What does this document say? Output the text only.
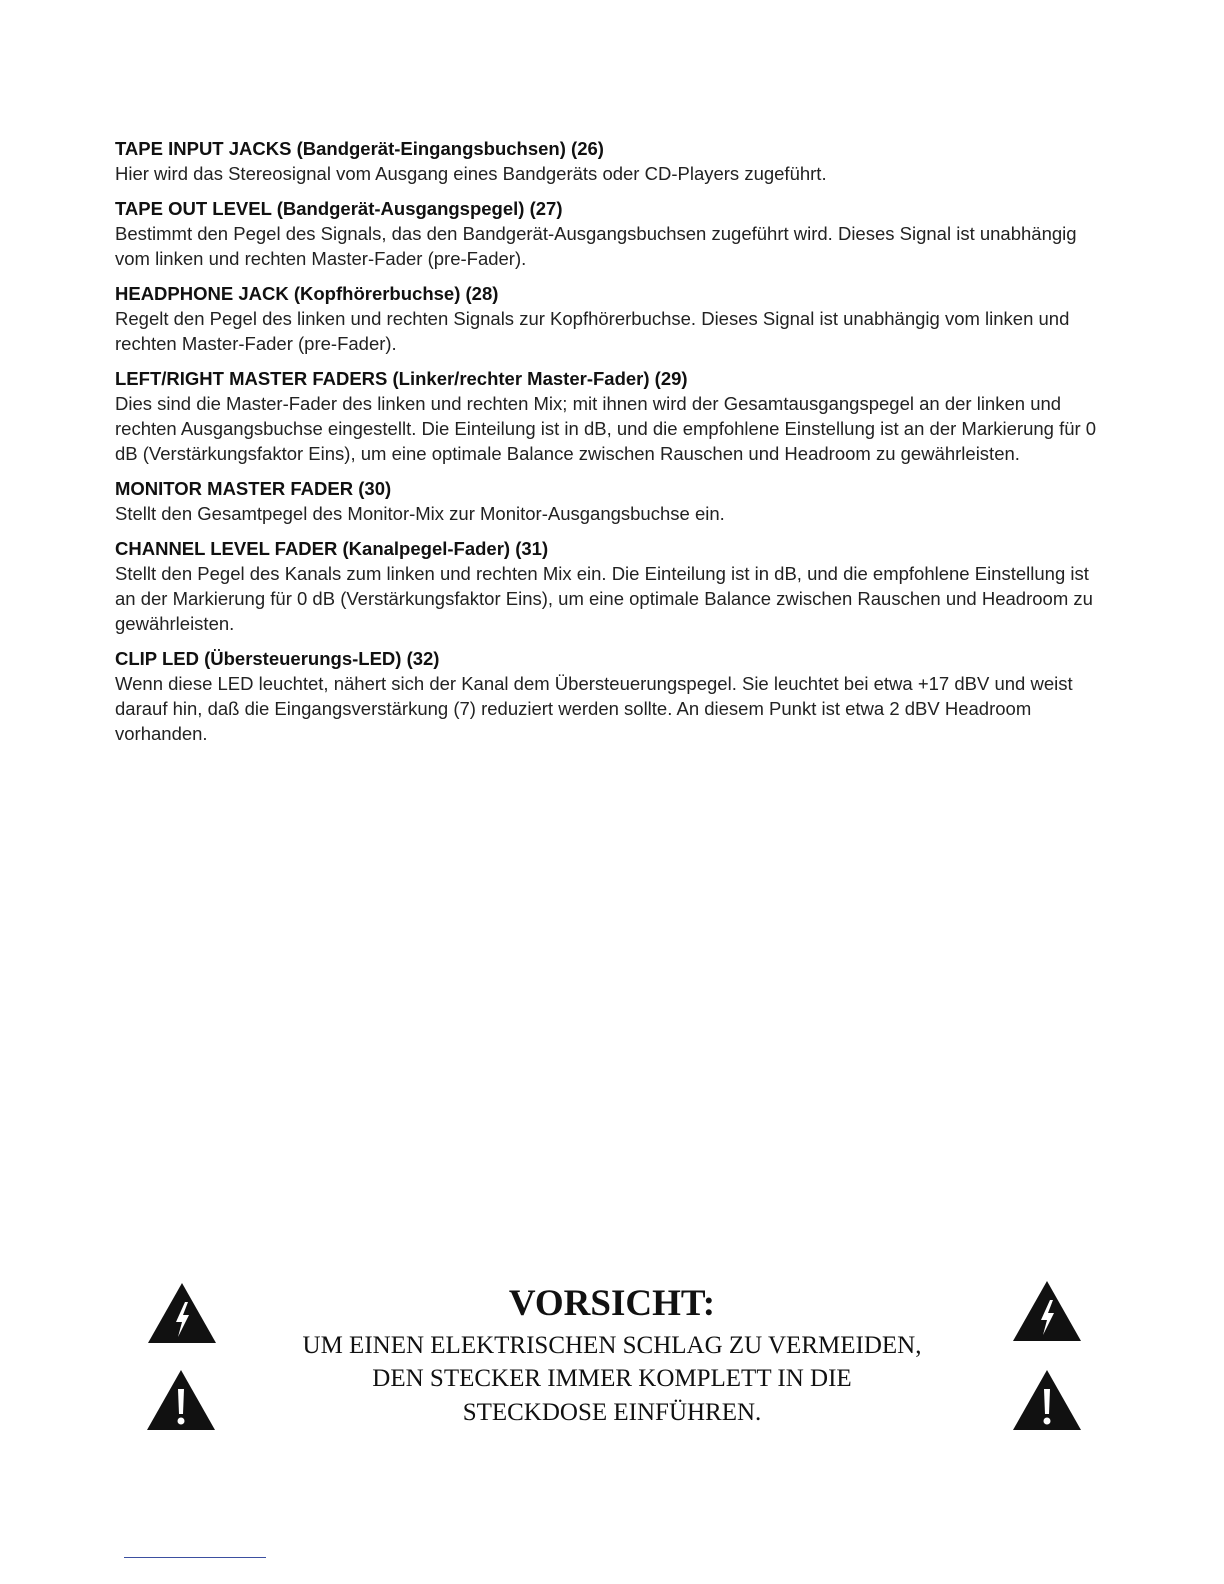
TAPE INPUT JACKS (Bandgerät-Eingangsbuchsen) (26)

Hier wird das Stereosignal vom Ausgang eines Bandgeräts oder CD-Players zugeführt.

TAPE OUT LEVEL (Bandgerät-Ausgangspegel) (27)

Bestimmt den Pegel des Signals, das den Bandgerät-Ausgangsbuchsen zugeführt wird. Dieses Signal ist unabhängig vom linken und rechten Master-Fader (pre-Fader).

HEADPHONE JACK (Kopfhörerbuchse) (28)

Regelt den Pegel des linken und rechten Signals zur Kopfhörerbuchse. Dieses Signal ist unabhängig vom linken und rechten Master-Fader (pre-Fader).

LEFT/RIGHT MASTER FADERS (Linker/rechter Master-Fader) (29)

Dies sind die Master-Fader des linken und rechten Mix; mit ihnen wird der Gesamtausgangspegel an der linken und rechten Ausgangsbuchse eingestellt. Die Einteilung ist in dB, und die empfohlene Einstellung ist an der Markierung für 0 dB (Verstärkungsfaktor Eins), um eine optimale Balance zwischen Rauschen und Headroom zu gewährleisten.

MONITOR MASTER FADER (30)

Stellt den Gesamtpegel des Monitor-Mix zur Monitor-Ausgangsbuchse ein.

CHANNEL LEVEL FADER (Kanalpegel-Fader) (31)

Stellt den Pegel des Kanals zum linken und rechten Mix ein. Die Einteilung ist in dB, und die empfohlene Einstellung ist an der Markierung für 0 dB (Verstärkungsfaktor Eins), um eine optimale Balance zwischen Rauschen und Headroom zu gewährleisten.

CLIP LED (Übersteuerungs-LED) (32)

Wenn diese LED leuchtet, nähert sich der Kanal dem Übersteuerungspegel. Sie leuchtet bei etwa +17 dBV und weist darauf hin, daß die Eingangsverstärkung (7) reduziert werden sollte. An diesem Punkt ist etwa 2 dBV Headroom vorhanden.

VORSICHT:
UM EINEN ELEKTRISCHEN SCHLAG ZU VERMEIDEN,
DEN STECKER IMMER KOMPLETT IN DIE
STECKDOSE EINFÜHREN.
